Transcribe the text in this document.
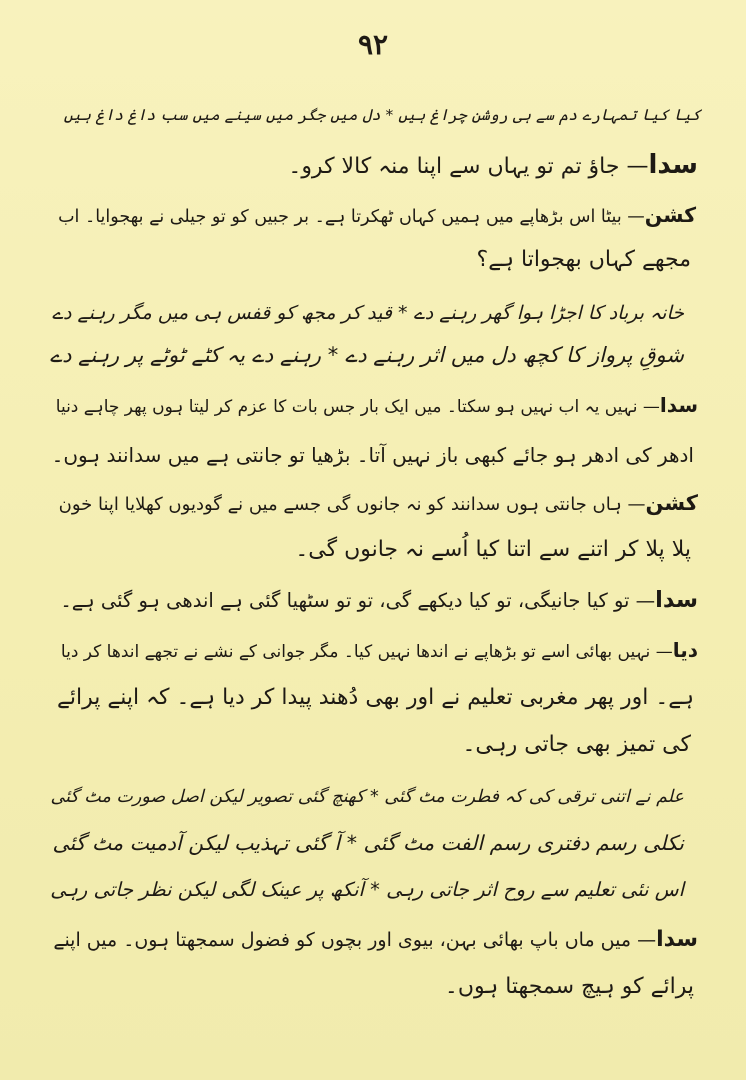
۹۲
کیا کیا تمہارے دم سے ہی روشن چراغ ہیں * دل میں جگر میں سینے میں سب داغ داغ ہیں
سدا— جاؤ تم تو یہاں سے اپنا منہ کالا کرو۔
کشن— بیٹا اس بڑھاپے میں ہمیں کہاں ٹھکرتا ہے۔ بر جبیں کو تو جیلی نے بھجوایا۔ اب
مجھے کہاں بھجواتا ہے؟
خانہ برباد کا اجڑا ہوا گھر رہنے دے * قید کر مجھ کو قفس ہی میں مگر رہنے دے
شوقِ پرواز کا کچھ دل میں اثر رہنے دے * رہنے دے یہ کٹے ٹوٹے پر رہنے دے
سدا— نہیں یہ اب نہیں ہو سکتا۔ میں ایک بار جس بات کا عزم کر لیتا ہوں پھر چاہے دنیا
ادھر کی ادھر ہو جائے کبھی باز نہیں آتا۔ بڑھیا تو جانتی ہے میں سدانند ہوں۔
کشن— ہاں جانتی ہوں سدانند کو نہ جانوں گی جسے میں نے گودیوں کھلایا اپنا خون
پلا پلا کر اتنے سے اتنا کیا اُسے نہ جانوں گی۔
سدا— تو کیا جانیگی، تو کیا دیکھے گی، تو تو سٹھیا گئی ہے اندھی ہو گئی ہے۔
دیا— نہیں بھائی اسے تو بڑھاپے نے اندھا نہیں کیا۔ مگر جوانی کے نشے نے تجھے اندھا کر دیا
ہے۔ اور پھر مغربی تعلیم نے اور بھی دُھند پیدا کر دیا ہے۔ کہ اپنے پرائے
کی تمیز بھی جاتی رہی۔
علم نے اتنی ترقی کی کہ فطرت مٹ گئی * کھنچ گئی تصویر لیکن اصل صورت مٹ گئی
نکلی رسم دفتری رسم الفت مٹ گئی * آ گئی تہذیب لیکن آدمیت مٹ گئی
اس نئی تعلیم سے روح اثر جاتی رہی * آنکھ پر عینک لگی لیکن نظر جاتی رہی
سدا— میں ماں باپ بھائی بہن، بیوی اور بچوں کو فضول سمجھتا ہوں۔ میں اپنے
پرائے کو ہیچ سمجھتا ہوں۔
